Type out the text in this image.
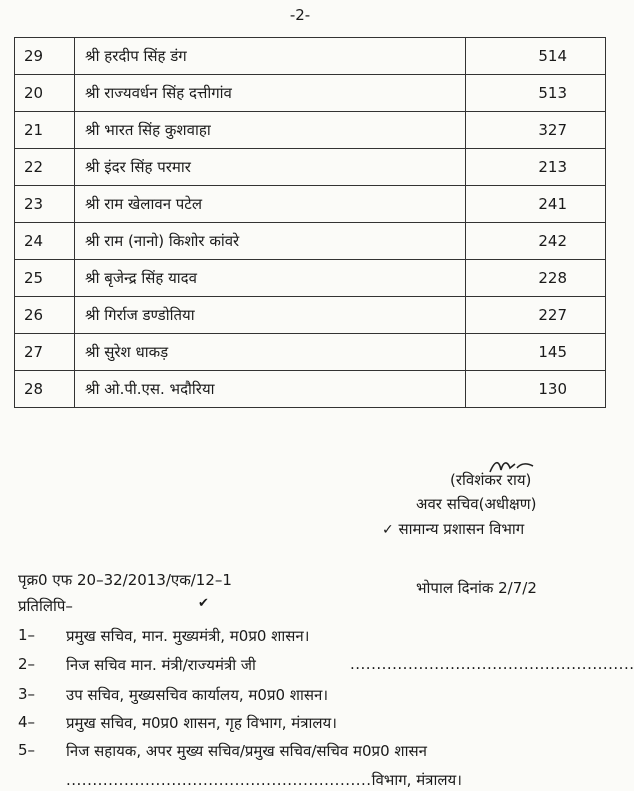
-2-
29	श्री हरदीप सिंह डंग	514
20	श्री राज्यवर्धन सिंह दत्तीगांव	513
21	श्री भारत सिंह कुशवाहा	327
22	श्री इंदर सिंह परमार	213
23	श्री राम खेलावन पटेल	241
24	श्री राम (नानो) किशोर कांवरे	242
25	श्री बृजेन्द्र सिंह यादव	228
26	श्री गिर्राज डण्डोतिया	227
27	श्री सुरेश धाकड़	145
28	श्री ओ.पी.एस. भदौरिया	130
(रविशंकर राय)
अवर सचिव(अधीक्षण)
✓ सामान्य प्रशासन विभाग
पृक्र0 एफ 20–32/2013/एक/12–1	भोपाल दिनांक 2/7/2
प्रतिलिपि–	✔
1– प्रमुख सचिव, मान. मुख्यमंत्री, म0प्र0 शासन।
2– निज सचिव मान. मंत्री/राज्यमंत्री जी	......................................................
3– उप सचिव, मुख्यसचिव कार्यालय, म0प्र0 शासन।
4– प्रमुख सचिव, म0प्र0 शासन, गृह विभाग, मंत्रालय।
5– निज सहायक, अपर मुख्य सचिव/प्रमुख सचिव/सचिव म0प्र0 शासन
..........................................................विभाग, मंत्रालय।
